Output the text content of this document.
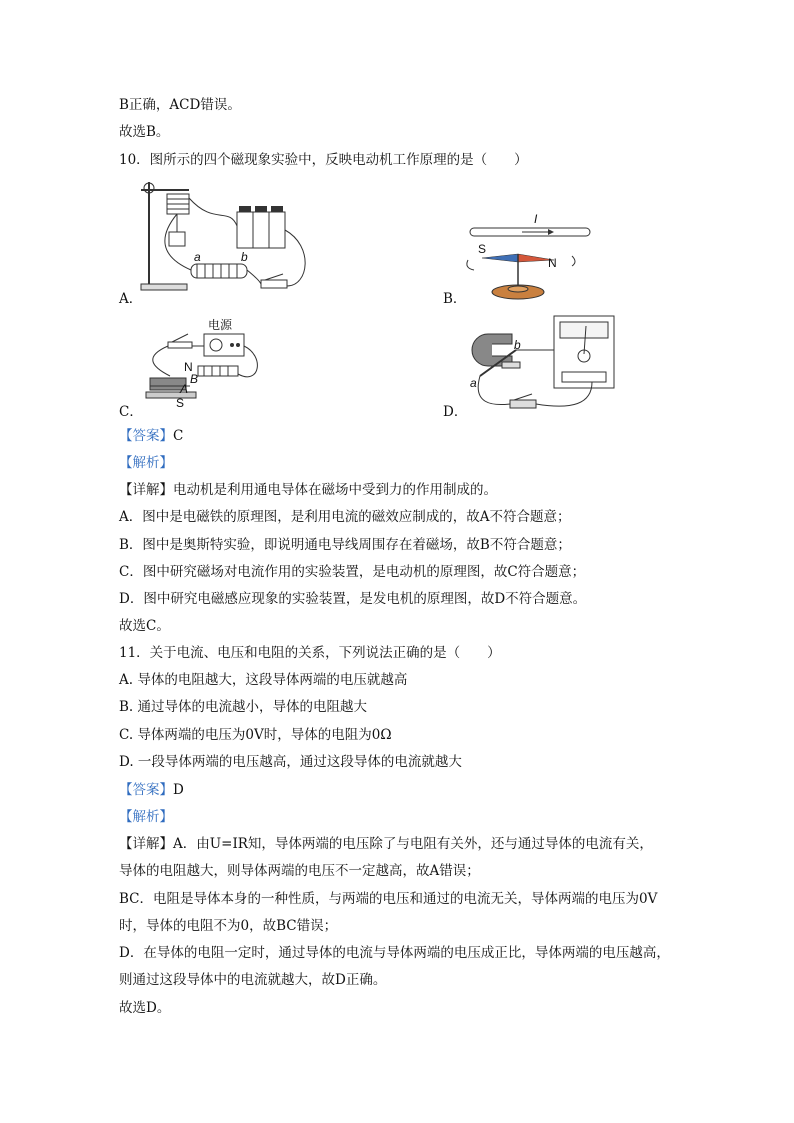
B正确，ACD错误。
故选B。
10．图所示的四个磁现象实验中，反映电动机工作原理的是（　　）
a	b
A．
I
S
N
B．
电源
N
B
A
S
C．
b
a
D．
【答案】C
【解析】
【详解】电动机是利用通电导体在磁场中受到力的作用制成的。
A．图中是电磁铁的原理图，是利用电流的磁效应制成的，故A不符合题意；
B．图中是奥斯特实验，即说明通电导线周围存在着磁场，故B不符合题意；
C．图中研究磁场对电流作用的实验装置，是电动机的原理图，故C符合题意；
D．图中研究电磁感应现象的实验装置，是发电机的原理图，故D不符合题意。
故选C。
11．关于电流、电压和电阻的关系，下列说法正确的是（　　）
A. 导体的电阻越大，这段导体两端的电压就越高
B. 通过导体的电流越小，导体的电阻越大
C. 导体两端的电压为0V时，导体的电阻为0Ω
D. 一段导体两端的电压越高，通过这段导体的电流就越大
【答案】D
【解析】
【详解】A．由U=IR知，导体两端的电压除了与电阻有关外，还与通过导体的电流有关，
导体的电阻越大，则导体两端的电压不一定越高，故A错误；
BC．电阻是导体本身的一种性质，与两端的电压和通过的电流无关，导体两端的电压为0V
时，导体的电阻不为0，故BC错误；
D．在导体的电阻一定时，通过导体的电流与导体两端的电压成正比，导体两端的电压越高，
则通过这段导体中的电流就越大，故D正确。
故选D。
